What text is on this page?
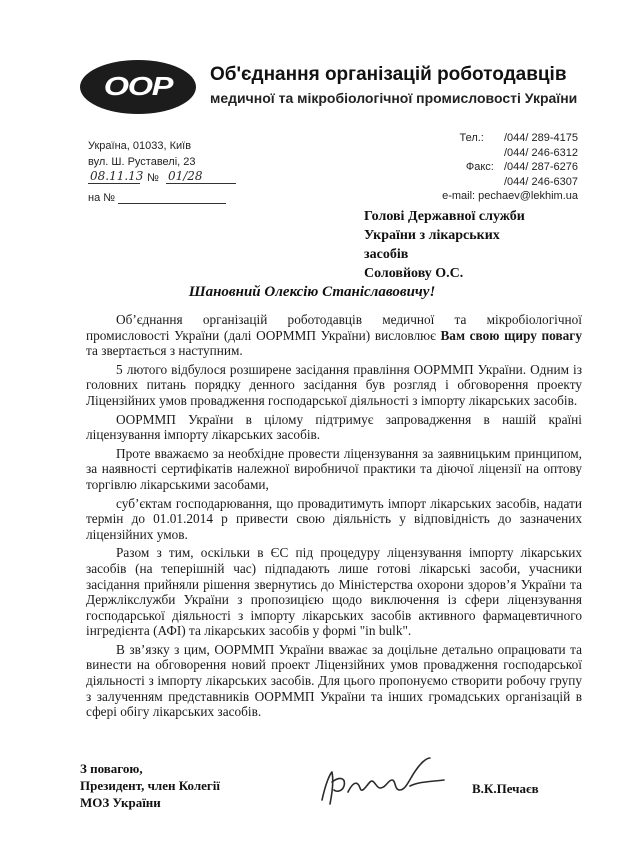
OOP	Об'єднання організацій роботодавців
медичної та мікробіологічної промисловості України
Україна, 01033, Київ
вул. Ш. Руставелі, 23
Тел.: /044/ 289-4175
/044/ 246-6312
Факс: /044/ 287-6276
/044/ 246-6307
e-mail: pechaev@lekhim.ua
08.11.13 № 01/28
на №
Голові Державної служби
України з лікарських
засобів
Соловйову О.С.
Шановний Олексію Станіславовичу!

Об’єднання організацій роботодавців медичної та мікробіологічної промисловості України (далі ООРММП України) висловлює Вам свою щиру повагу та звертається з наступним.

5 лютого відбулося розширене засідання правління ООРММП України. Одним із головних питань порядку денного засідання був розгляд і обговорення проекту Ліцензійних умов провадження господарської діяльності з імпорту лікарських засобів.

ООРММП України в цілому підтримує запровадження в нашій країні ліцензування імпорту лікарських засобів.

Проте вважаємо за необхідне провести ліцензування за заявницьким принципом, за наявності сертифікатів належної виробничої практики та діючої ліцензії на оптову торгівлю лікарськими засобами,

суб’єктам господарювання, що провадитимуть імпорт лікарських засобів, надати термін до 01.01.2014 р привести свою діяльність у відповідність до зазначених ліцензійних умов.

Разом з тим, оскільки в ЄС під процедуру ліцензування імпорту лікарських засобів (на теперішній час) підпадають лише готові лікарські засоби, учасники засідання прийняли рішення звернутись до Міністерства охорони здоров’я України та Держлікслужби України з пропозицією щодо виключення із сфери ліцензування господарської діяльності з імпорту лікарських засобів активного фармацевтичного інгредієнта (АФІ) та лікарських засобів у формі "in bulk".

В зв’язку з цим, ООРММП України вважає за доцільне детально опрацювати та винести на обговорення новий проект Ліцензійних умов провадження господарської діяльності з імпорту лікарських засобів. Для цього пропонуємо створити робочу групу з залученням представників ООРММП України та інших громадських організацій в сфері обігу лікарських засобів.

З повагою,
Президент, член Колегії
МОЗ України
В.К.Печаєв
